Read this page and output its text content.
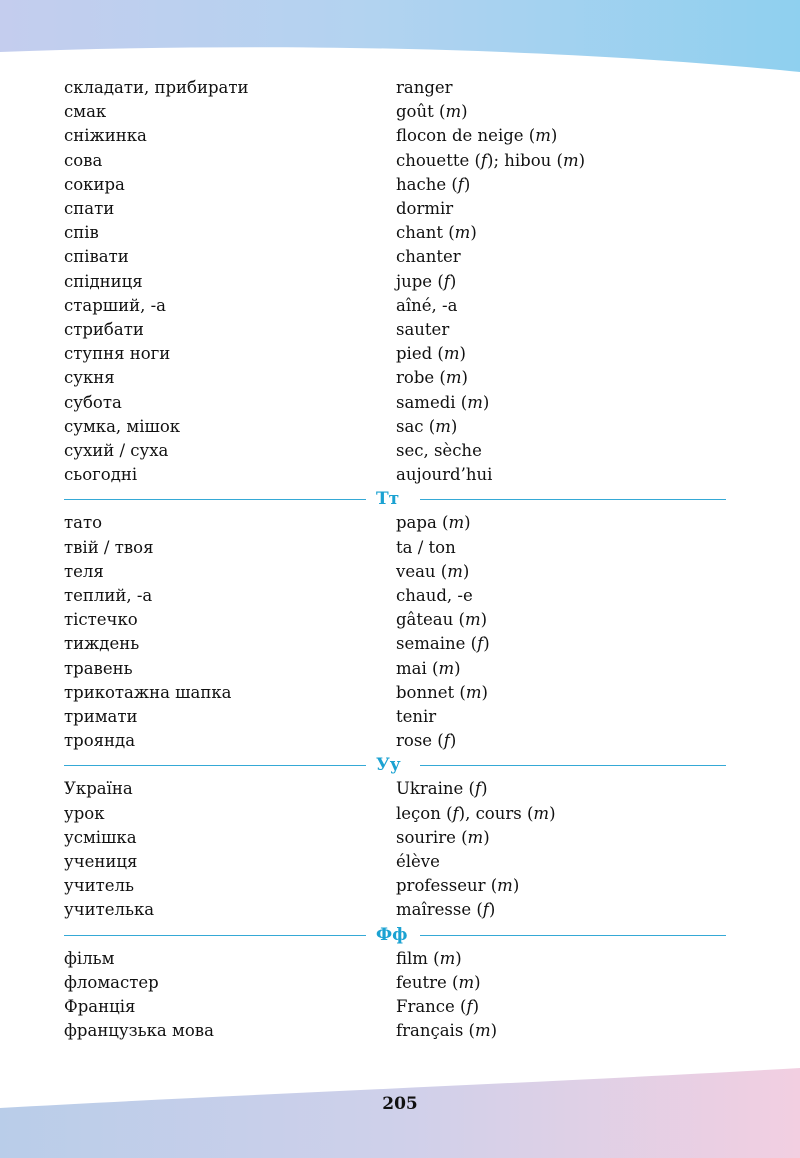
складати, прибирати	ranger
смак	goût (m)
сніжинка	flocon de neige (m)
сова	chouette (f); hibou (m)
сокира	hache (f)
спати	dormir
спів	chant (m)
співати	chanter
спідниця	jupe (f)
старший, -а	aîné, -a
стрибати	sauter
ступня ноги	pied (m)
сукня	robe (m)
субота	samedi (m)
сумка, мішок	sac (m)
сухий / суха	sec, sèche
сьогодні	aujourd’hui
Тт
тато	papa (m)
твій / твоя	ta / ton
теля	veau (m)
теплий, -а	chaud, -e
тістечко	gâteau (m)
тиждень	semaine (f)
травень	mai (m)
трикотажна шапка	bonnet (m)
тримати	tenir
троянда	rose (f)
Уу
Україна	Ukraine (f)
урок	leçon (f), cours (m)
усмішка	sourire (m)
учениця	élève
учитель	professeur (m)
учителька	maîresse (f)
Фф
фільм	film (m)
фломастер	feutre (m)
Франція	France (f)
французька мова	français (m)
205
